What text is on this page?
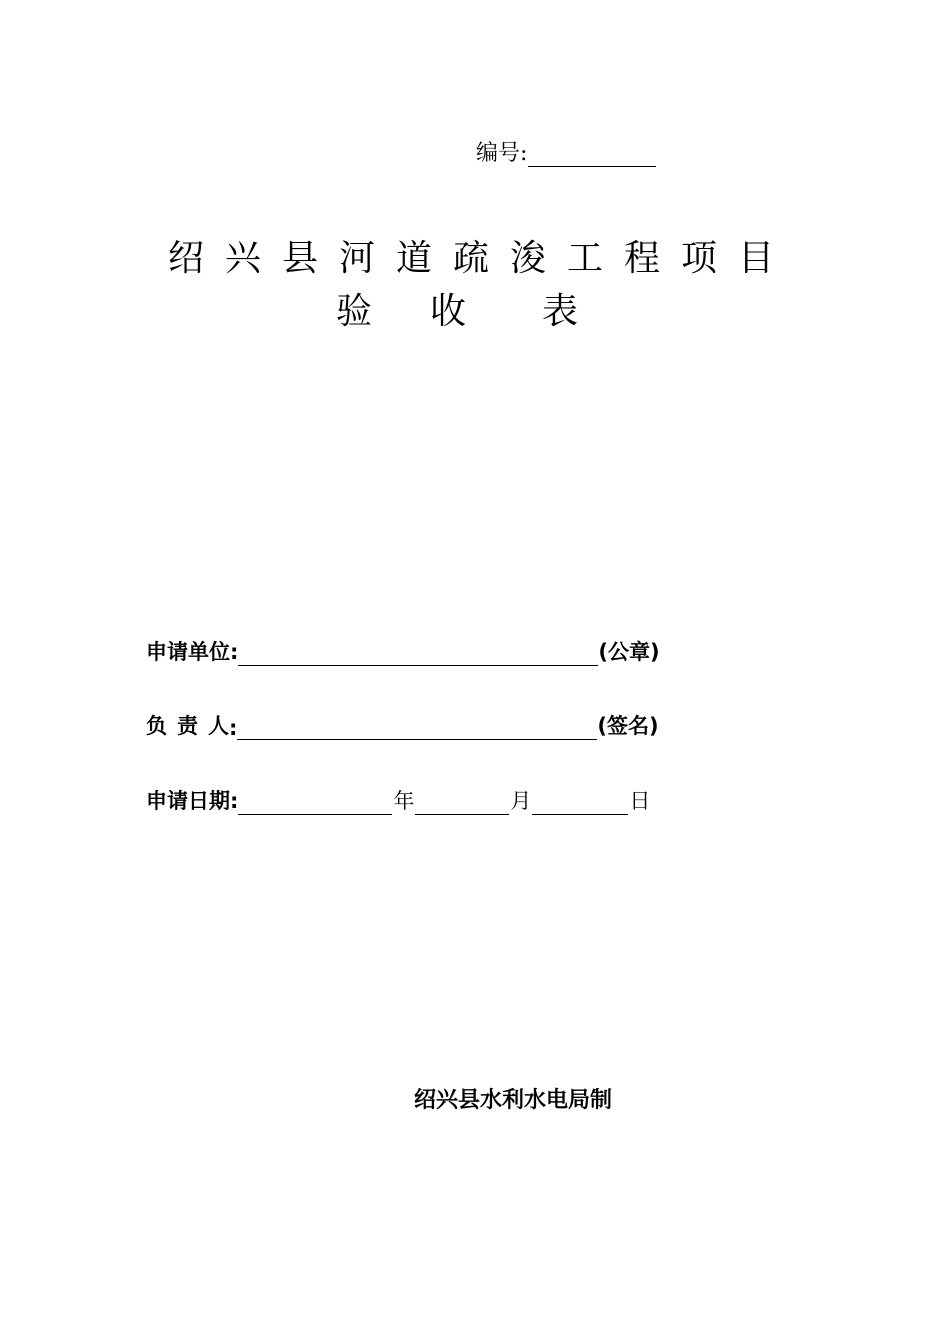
编号:
绍兴县河道疏浚工程项目
验 收 表
申请单位:	(公章)
负 责 人 :	(签名)
申请日期:	年	月	日
绍兴县水利水电局制
